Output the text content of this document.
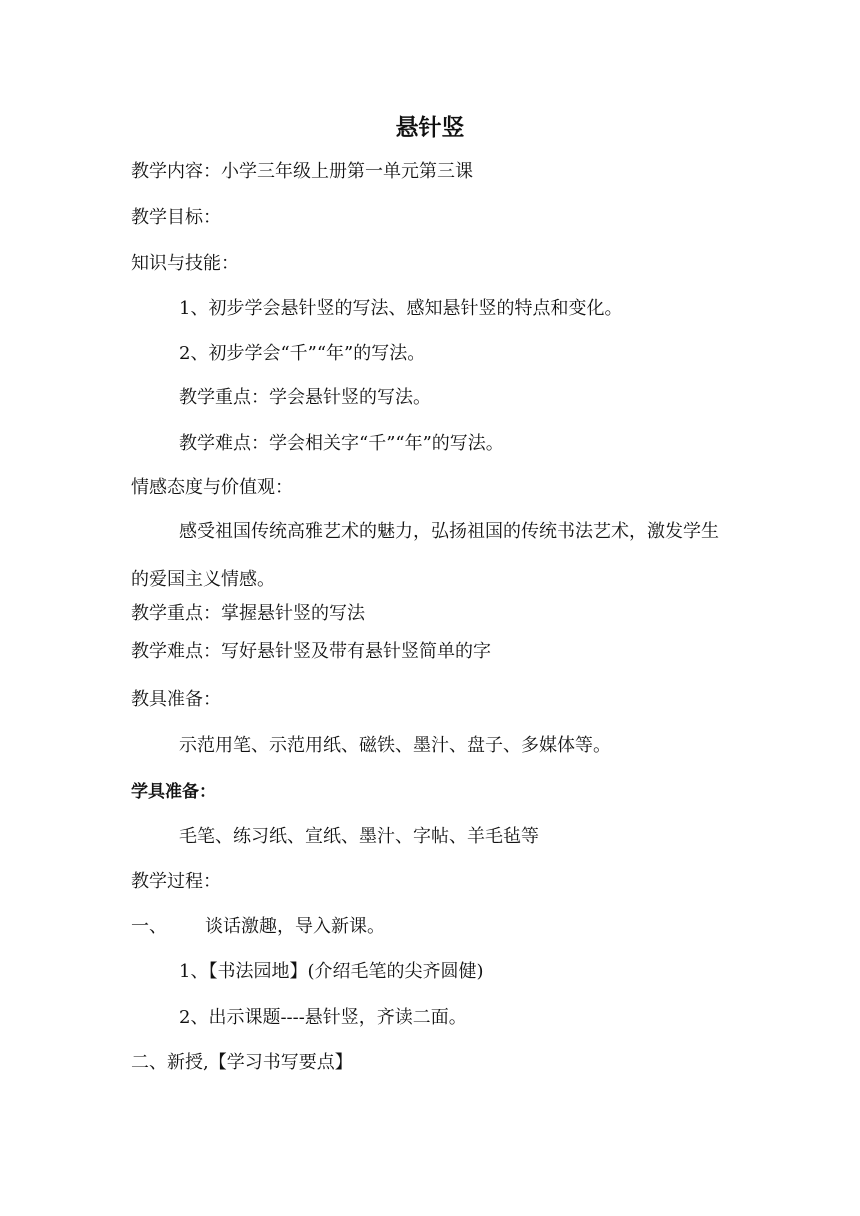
悬针竖

教学内容：小学三年级上册第一单元第三课

教学目标：

知识与技能：

1、初步学会悬针竖的写法、感知悬针竖的特点和变化。

2、初步学会“千”“年”的写法。

教学重点：学会悬针竖的写法。

教学难点：学会相关字“千”“年”的写法。

情感态度与价值观：

感受祖国传统高雅艺术的魅力，弘扬祖国的传统书法艺术，激发学生的爱国主义情感。

教学重点：掌握悬针竖的写法

教学难点：写好悬针竖及带有悬针竖简单的字

教具准备：

示范用笔、示范用纸、磁铁、墨汁、盘子、多媒体等。

学具准备：

毛笔、练习纸、宣纸、墨汁、字帖、羊毛毡等

教学过程：

一、 谈话激趣，导入新课。

1、【书法园地】(介绍毛笔的尖齐圆健)

2、出示课题----悬针竖，齐读二面。

二、新授,【学习书写要点】
